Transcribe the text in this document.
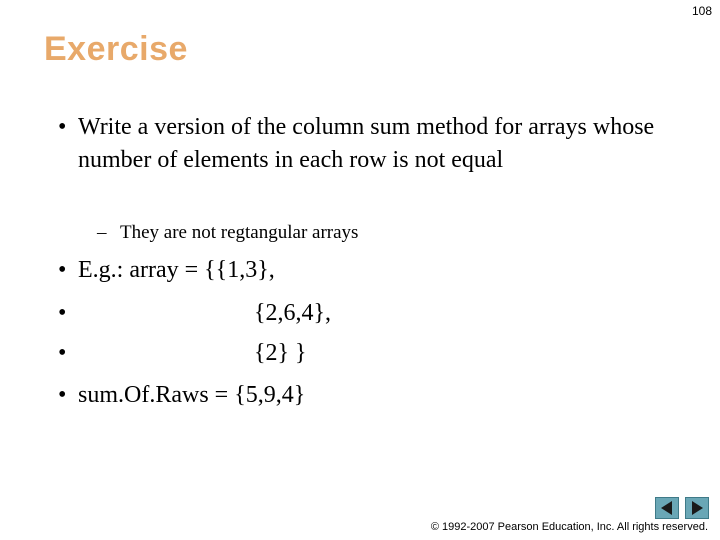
108
Exercise
• Write a version of the column sum method for arrays whose number of elements in each row is not equal
– They are not regtangular arrays
• E.g.: array = {{1,3},
•	{2,6,4},
•	{2} }
• sum.Of.Raws = {5,9,4}
© 1992-2007 Pearson Education, Inc. All rights reserved.
